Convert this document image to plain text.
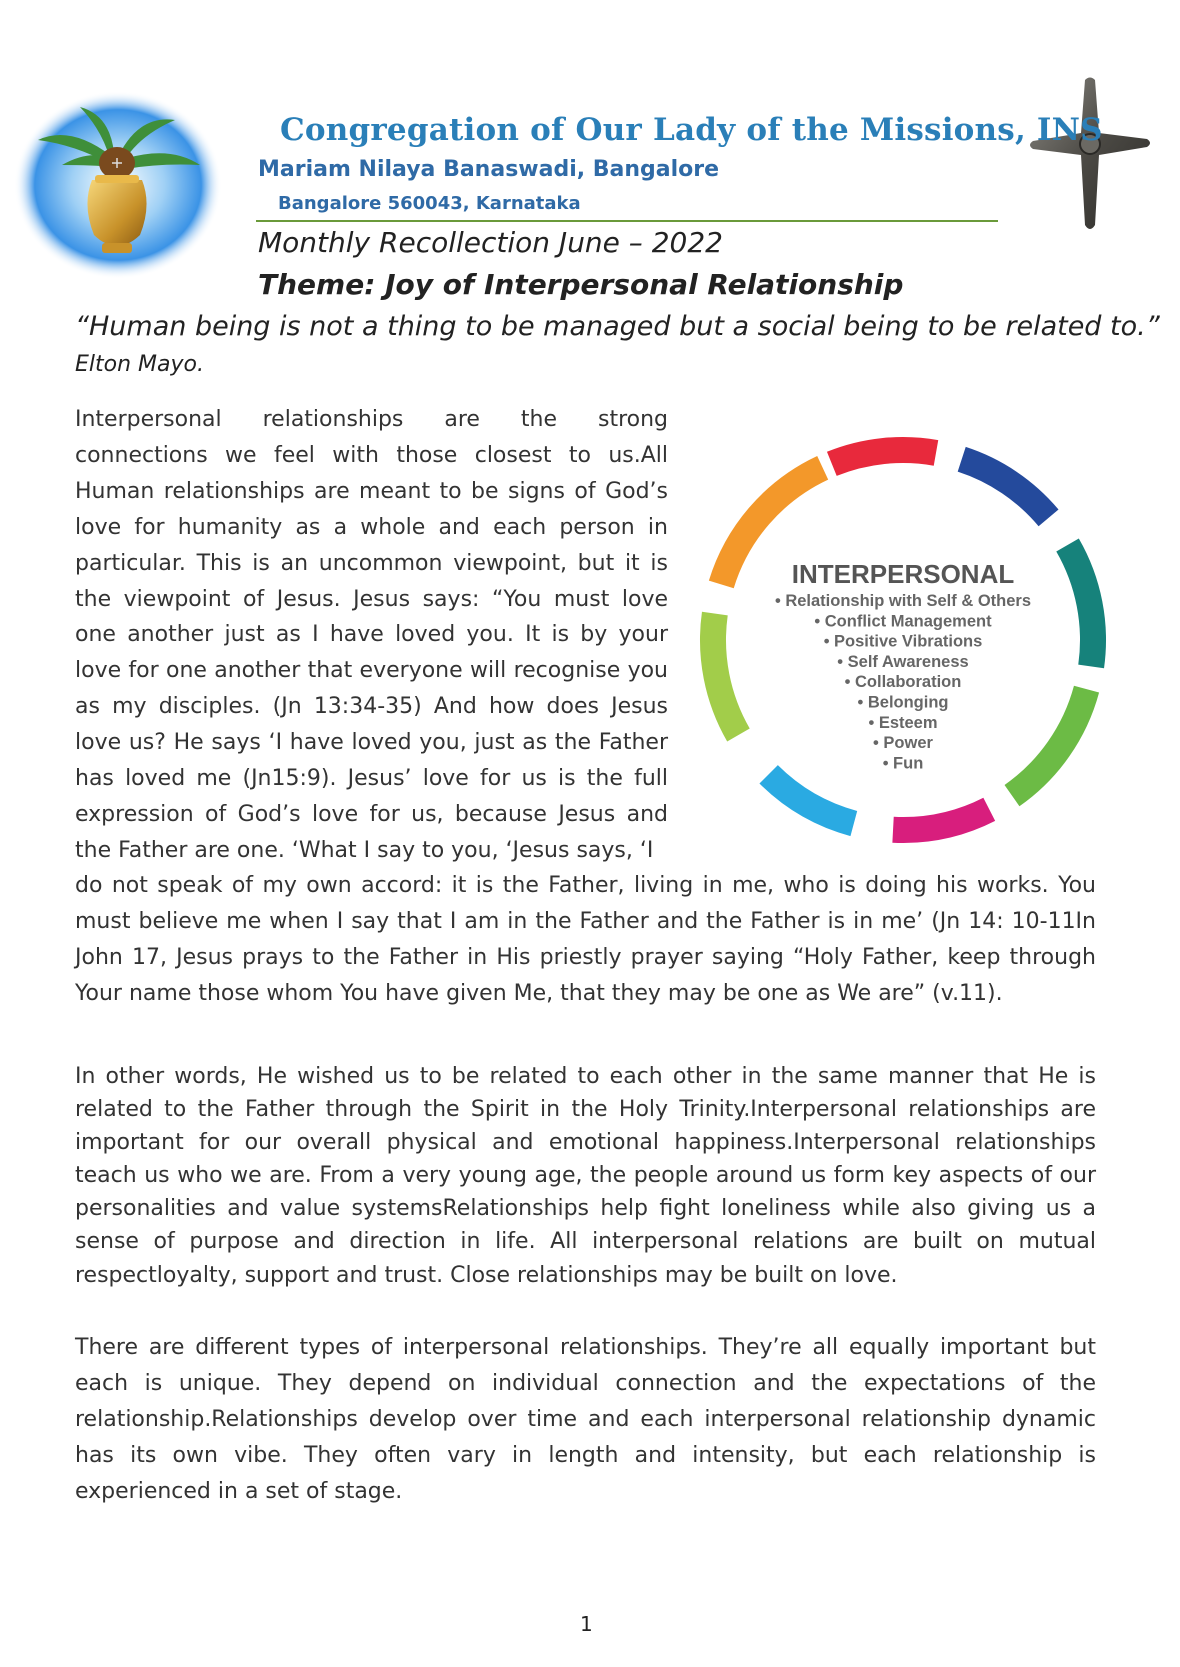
Congregation of Our Lady of the Missions, INS
Mariam Nilaya Banaswadi, Bangalore
Bangalore 560043, Karnataka
Monthly Recollection June – 2022
Theme: Joy of Interpersonal Relationship
“Human being is not a thing to be managed but a social being to be related to.”
Elton Mayo.

Interpersonal relationships are the strong connections we feel with those closest to us.All Human relationships are meant to be signs of God’s love for humanity as a whole and each person in particular. This is an uncommon viewpoint, but it is the viewpoint of Jesus. Jesus says: “You must love one another just as I have loved you. It is by your love for one another that everyone will recognise you as my disciples. (Jn 13:34-35) And how does Jesus love us? He says ‘I have loved you, just as the Father has loved me (Jn15:9). Jesus’ love for us is the full expression of God’s love for us, because Jesus and the Father are one. ‘What I say to you, ‘Jesus says, ‘I

do not speak of my own accord: it is the Father, living in me, who is doing his works. You must believe me when I say that I am in the Father and the Father is in me’ (Jn 14: 10-11In John 17, Jesus prays to the Father in His priestly prayer saying “Holy Father, keep through Your name those whom You have given Me, that they may be one as We are” (v.11).

INTERPERSONAL
• Relationship with Self & Others
• Conflict Management
• Positive Vibrations
• Self Awareness
• Collaboration
• Belonging
• Esteem
• Power
• Fun

In other words, He wished us to be related to each other in the same manner that He is related to the Father through the Spirit in the Holy Trinity.Interpersonal relationships are important for our overall physical and emotional happiness.Interpersonal relationships teach us who we are. From a very young age, the people around us form key aspects of our personalities and value systemsRelationships help fight loneliness while also giving us a sense of purpose and direction in life. All interpersonal relations are built on mutual respectloyalty, support and trust. Close relationships may be built on love.

There are different types of interpersonal relationships. They’re all equally important but each is unique. They depend on individual connection and the expectations of the relationship.Relationships develop over time and each interpersonal relationship dynamic has its own vibe. They often vary in length and intensity, but each relationship is experienced in a set of stage.

1
